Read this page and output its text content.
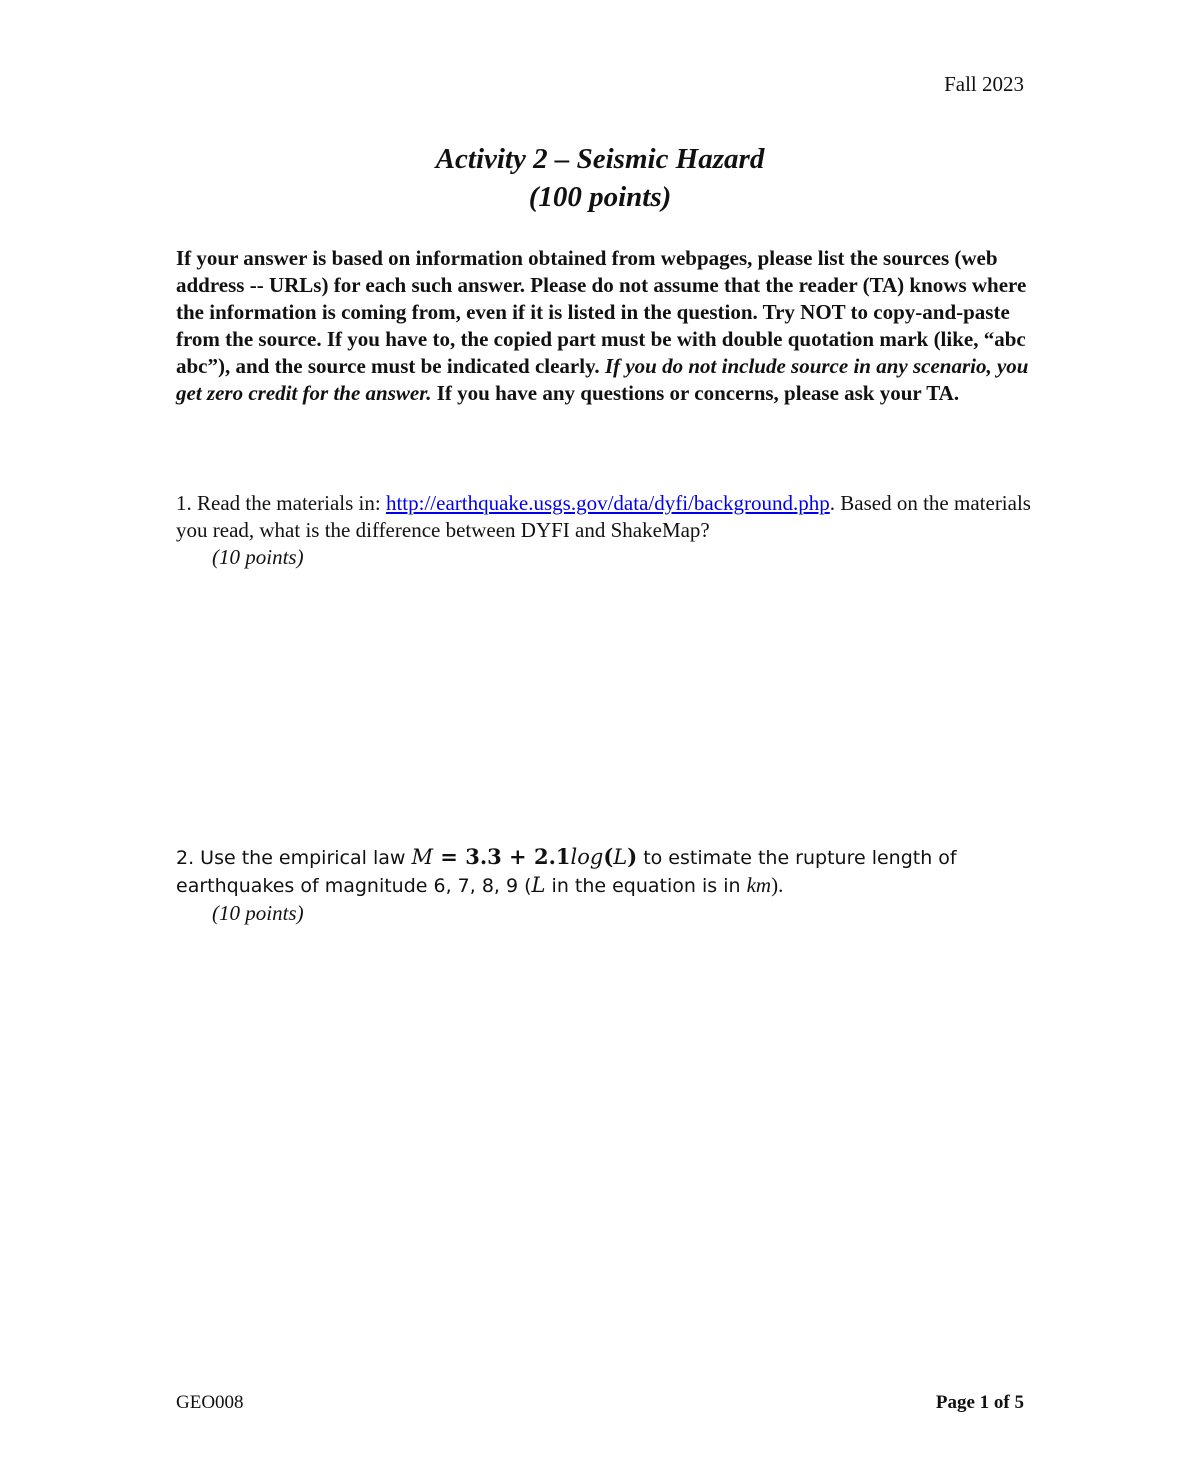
Fall 2023
Activity 2 – Seismic Hazard
(100 points)
If your answer is based on information obtained from webpages, please list the sources (web address -- URLs) for each such answer. Please do not assume that the reader (TA) knows where the information is coming from, even if it is listed in the question. Try NOT to copy-and-paste from the source. If you have to, the copied part must be with double quotation mark (like, “abc abc”), and the source must be indicated clearly. If you do not include source in any scenario, you get zero credit for the answer. If you have any questions or concerns, please ask your TA.
1. Read the materials in: http://earthquake.usgs.gov/data/dyfi/background.php. Based on the materials you read, what is the difference between DYFI and ShakeMap?
(10 points)
2. Use the empirical law M = 3.3 + 2.1log(L) to estimate the rupture length of earthquakes of magnitude 6, 7, 8, 9 (L in the equation is in km).
(10 points)
GEO008	Page 1 of 5
